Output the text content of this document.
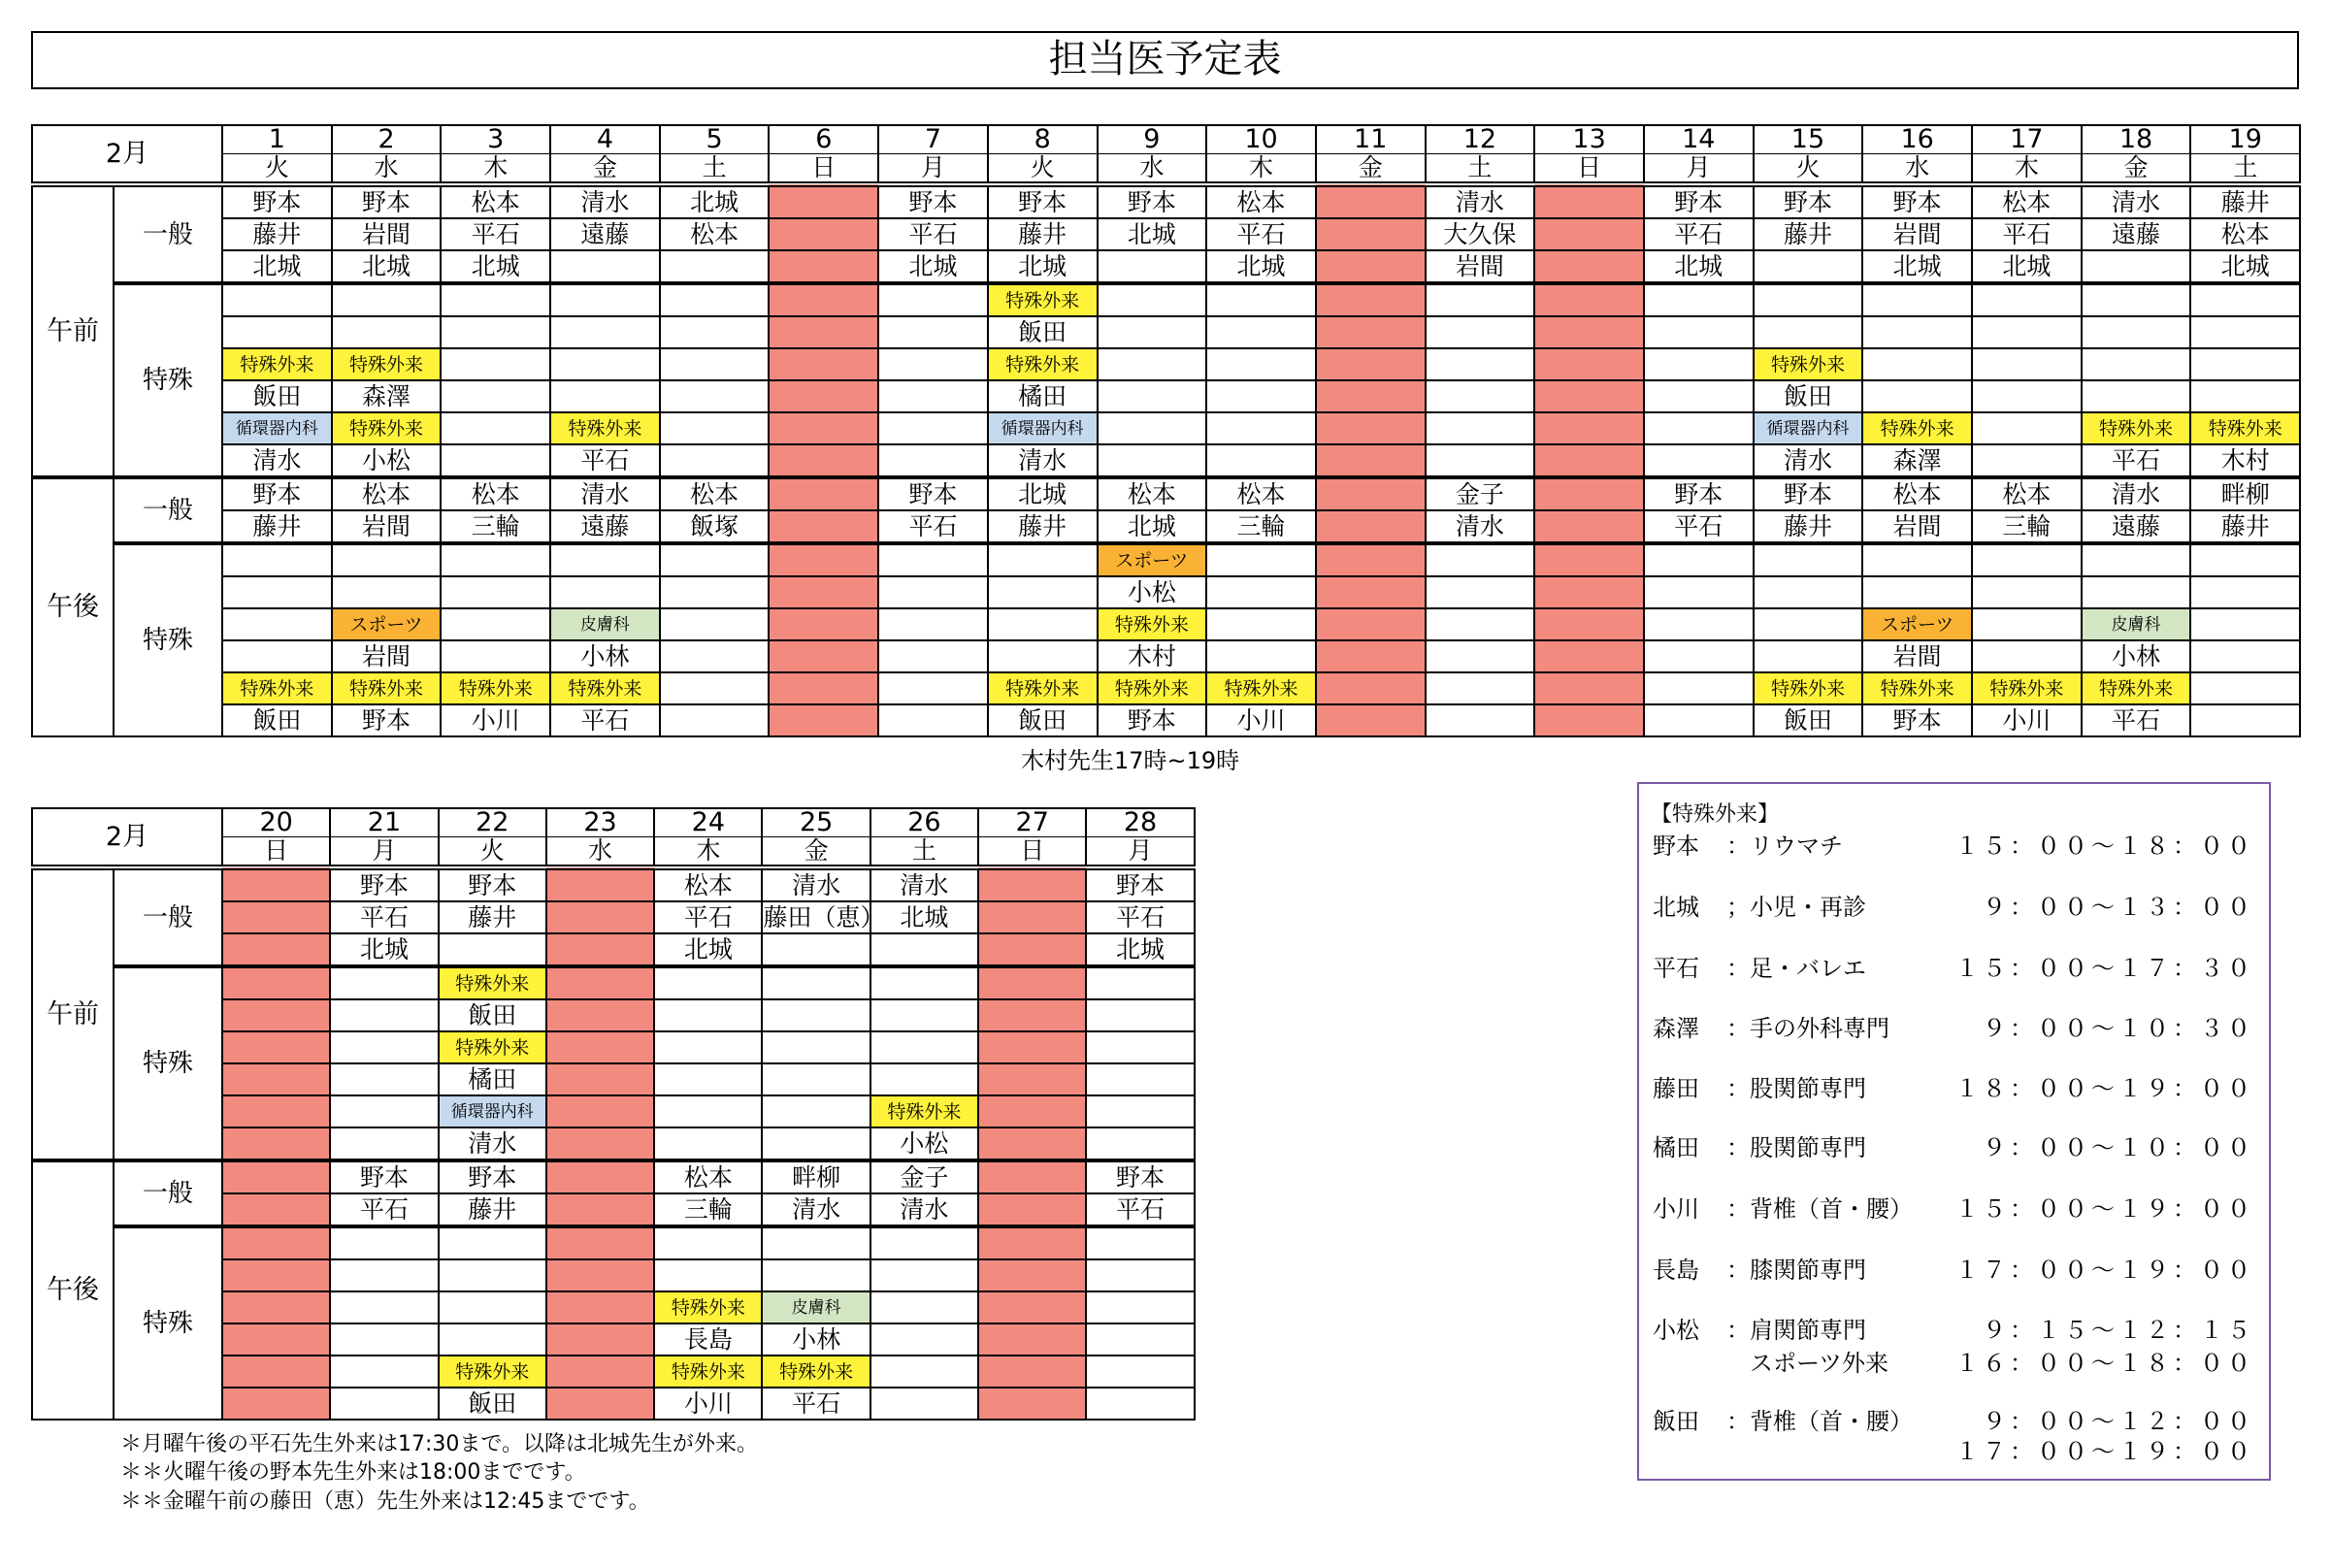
担当医予定表
2月		1	2	3	4	5	6	7	8	9	10	11	12	13	14	15	16	17	18	19
		火	水	木	金	土	日	月	火	水	木	金	土	日	月	火	水	木	金	土
午前	一般	野本	野本	松本	清水	北城		野本	野本	野本	松本		清水		野本	野本	野本	松本	清水	藤井
		藤井	岩間	平石	遠藤	松本		平石	藤井	北城	平石		大久保		平石	藤井	岩間	平石	遠藤	松本
		北城	北城	北城				北城	北城		北城		岩間		北城		北城	北城		北城
	特殊								特殊外来											
									飯田											
		特殊外来	特殊外来						特殊外来							特殊外来				
		飯田	森澤						橘田							飯田				
		循環器内科	特殊外来		特殊外来				循環器内科							循環器内科	特殊外来		特殊外来	特殊外来
		清水	小松		平石				清水							清水	森澤		平石	木村
午後	一般	野本	松本	松本	清水	松本		野本	北城	松本	松本		金子		野本	野本	松本	松本	清水	畔柳
		藤井	岩間	三輪	遠藤	飯塚		平石	藤井	北城	三輪		清水		平石	藤井	岩間	三輪	遠藤	藤井
	特殊									スポーツ										
										小松										
			スポーツ		皮膚科					特殊外来							スポーツ		皮膚科	
			岩間		小林					木村							岩間		小林	
		特殊外来	特殊外来	特殊外来	特殊外来				特殊外来	特殊外来	特殊外来					特殊外来	特殊外来	特殊外来	特殊外来	
		飯田	野本	小川	平石				飯田	野本	小川					飯田	野本	小川	平石	
木村先生17時~19時
2月		20	21	22	23	24	25	26	27	28
		日	月	火	水	木	金	土	日	月
午前	一般		野本	野本		松本	清水	清水		野本
			平石	藤井		平石	藤田（恵）	北城		平石
			北城			北城				北城
	特殊			特殊外来						
				飯田						
				特殊外来						
				橘田						
				循環器内科				特殊外来		
				清水				小松		
午後	一般		野本	野本		松本	畔柳	金子		野本
			平石	藤井		三輪	清水	清水		平石
	特殊									

						特殊外来	皮膚科			
						長島	小林			
				特殊外来		特殊外来	特殊外来			
				飯田		小川	平石			
＊月曜午後の平石先生外来は17:30まで。以降は北城先生が外来。
＊＊火曜午後の野本先生外来は18:00までです。
＊＊金曜午前の藤田（恵）先生外来は12:45までです。
【特殊外来】
野本 ：リウマチ	１５：００～１８：００
北城 ；小児・再診	９：００～１３：００
平石 ：足・バレエ	１５：００～１７：３０
森澤 ：手の外科専門	９：００～１０：３０
藤田 ：股関節専門	１８：００～１９：００
橘田 ：股関節専門	９：００～１０：００
小川 ：背椎（首・腰）	１５：００～１９：００
長島 ：膝関節専門	１７：００～１９：００
小松 ：肩関節専門	９：１５～１２：１５
　スポーツ外来	１６：００～１８：００
飯田 ：背椎（首・腰）	９：００～１２：００
１７：００～１９：００
